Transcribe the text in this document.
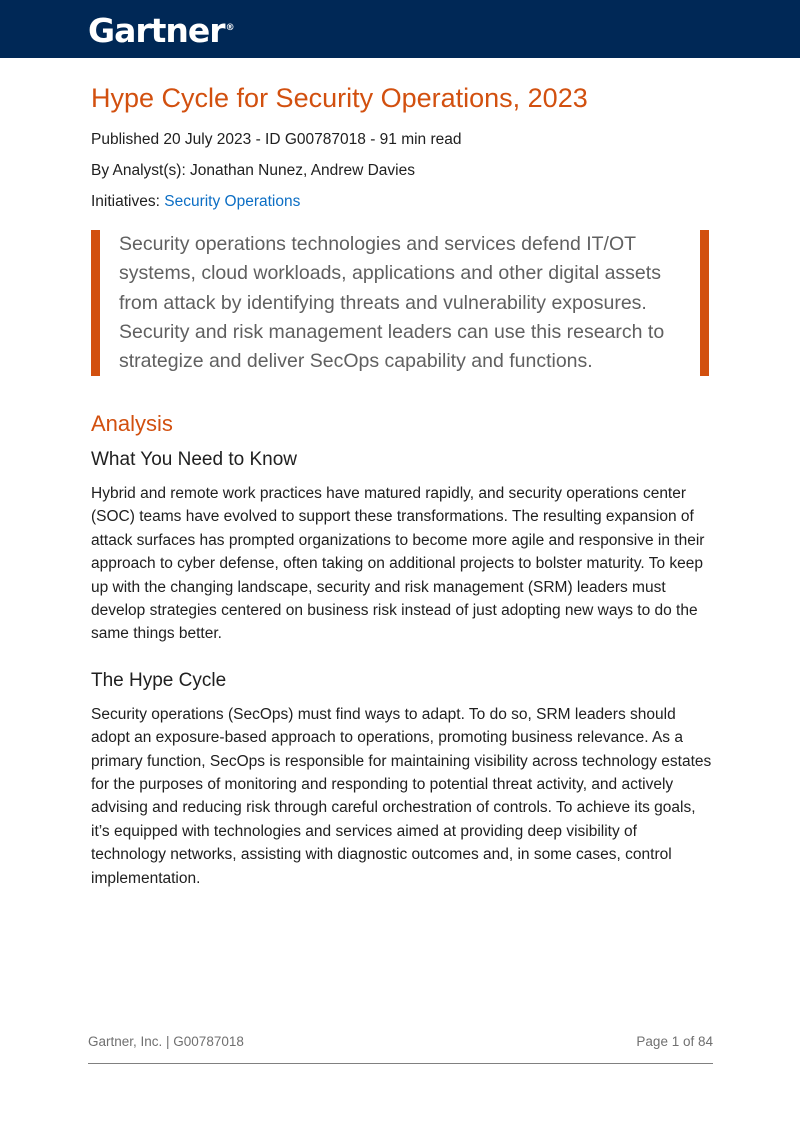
Gartner®
Hype Cycle for Security Operations, 2023
Published 20 July 2023 - ID G00787018 - 91 min read
By Analyst(s): Jonathan Nunez, Andrew Davies
Initiatives: Security Operations

Security operations technologies and services defend IT/OT systems, cloud workloads, applications and other digital assets from attack by identifying threats and vulnerability exposures. Security and risk management leaders can use this research to strategize and deliver SecOps capability and functions.

Analysis
What You Need to Know

Hybrid and remote work practices have matured rapidly, and security operations center (SOC) teams have evolved to support these transformations. The resulting expansion of attack surfaces has prompted organizations to become more agile and responsive in their approach to cyber defense, often taking on additional projects to bolster maturity. To keep up with the changing landscape, security and risk management (SRM) leaders must develop strategies centered on business risk instead of just adopting new ways to do the same things better.

The Hype Cycle

Security operations (SecOps) must find ways to adapt. To do so, SRM leaders should adopt an exposure-based approach to operations, promoting business relevance. As a primary function, SecOps is responsible for maintaining visibility across technology estates for the purposes of monitoring and responding to potential threat activity, and actively advising and reducing risk through careful orchestration of controls. To achieve its goals, it’s equipped with technologies and services aimed at providing deep visibility of technology networks, assisting with diagnostic outcomes and, in some cases, control implementation.

Gartner, Inc. | G00787018	Page 1 of 84
